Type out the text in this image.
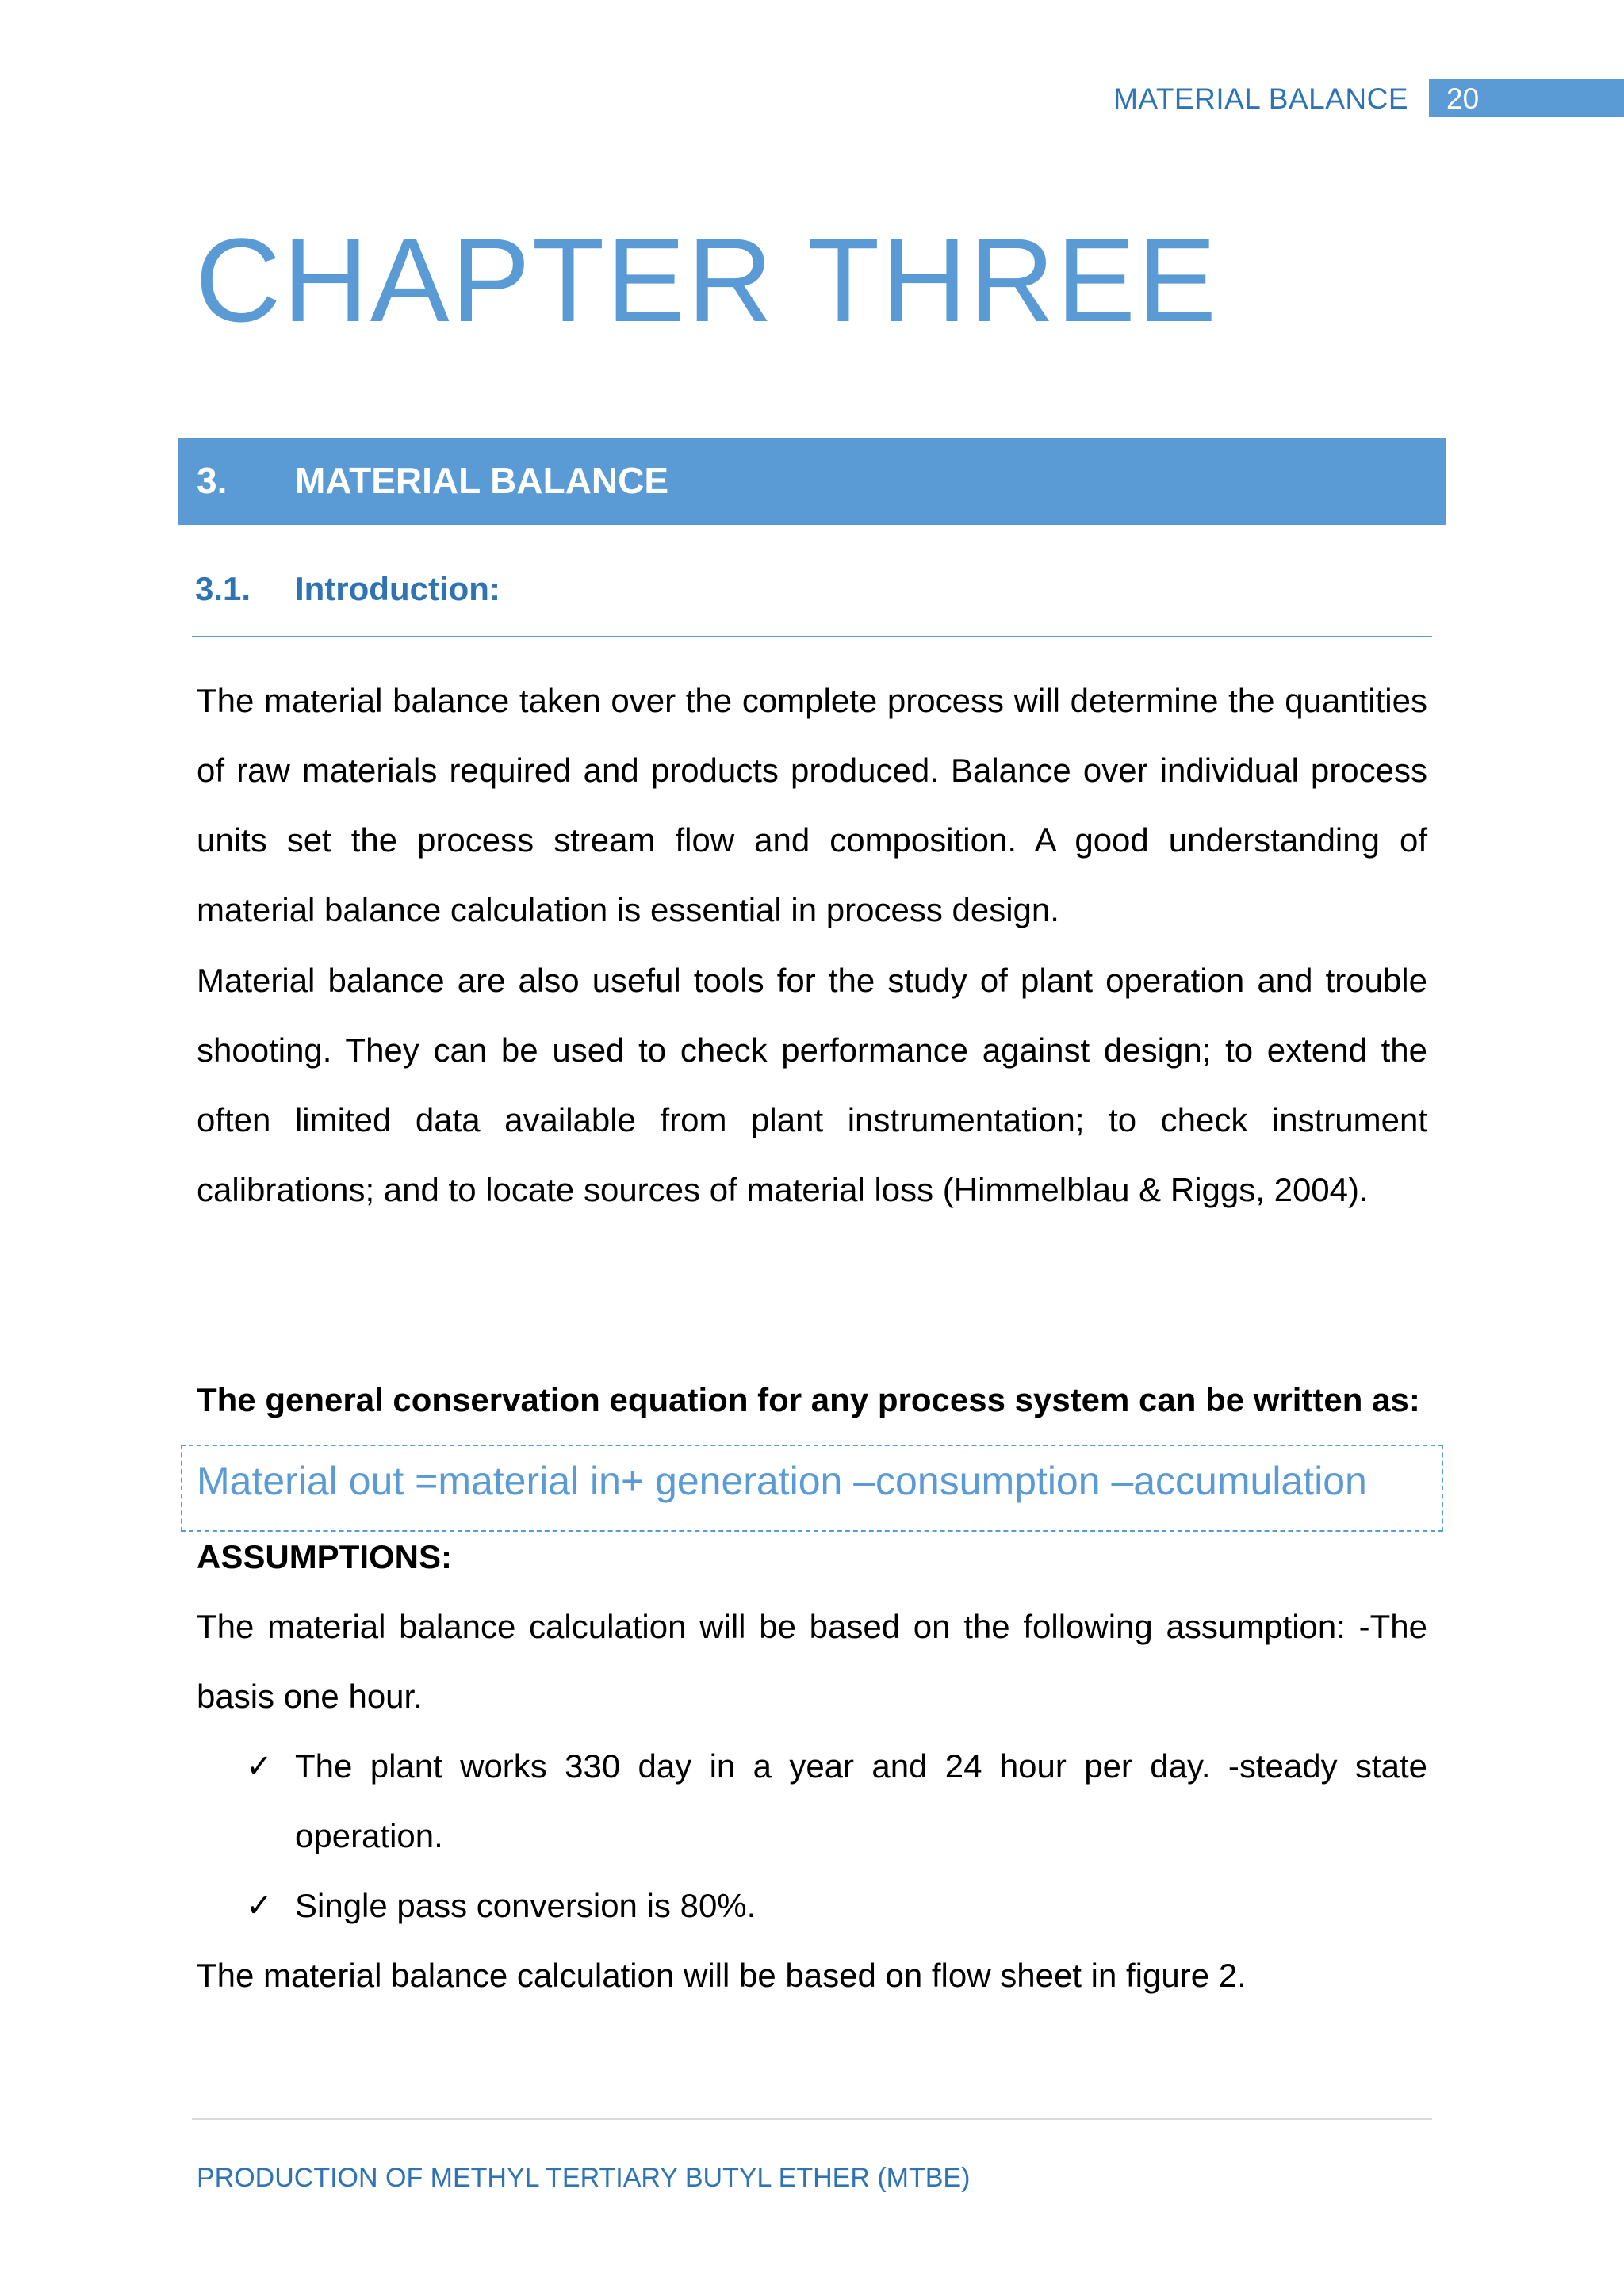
MATERIAL BALANCE	20
CHAPTER THREE
3. MATERIAL BALANCE
3.1. Introduction:

The material balance taken over the complete process will determine the quantities of raw materials required and products produced. Balance over individual process units set the process stream flow and composition. A good understanding of material balance calculation is essential in process design.

Material balance are also useful tools for the study of plant operation and trouble shooting. They can be used to check performance against design; to extend the often limited data available from plant instrumentation; to check instrument calibrations; and to locate sources of material loss (Himmelblau & Riggs, 2004).

The general conservation equation for any process system can be written as:
Material out =material in+ generation –consumption –accumulation
ASSUMPTIONS:

The material balance calculation will be based on the following assumption: -The basis one hour.

✓ The plant works 330 day in a year and 24 hour per day. -steady state operation.
✓ Single pass conversion is 80%.

The material balance calculation will be based on flow sheet in figure 2.

PRODUCTION OF METHYL TERTIARY BUTYL ETHER (MTBE)
